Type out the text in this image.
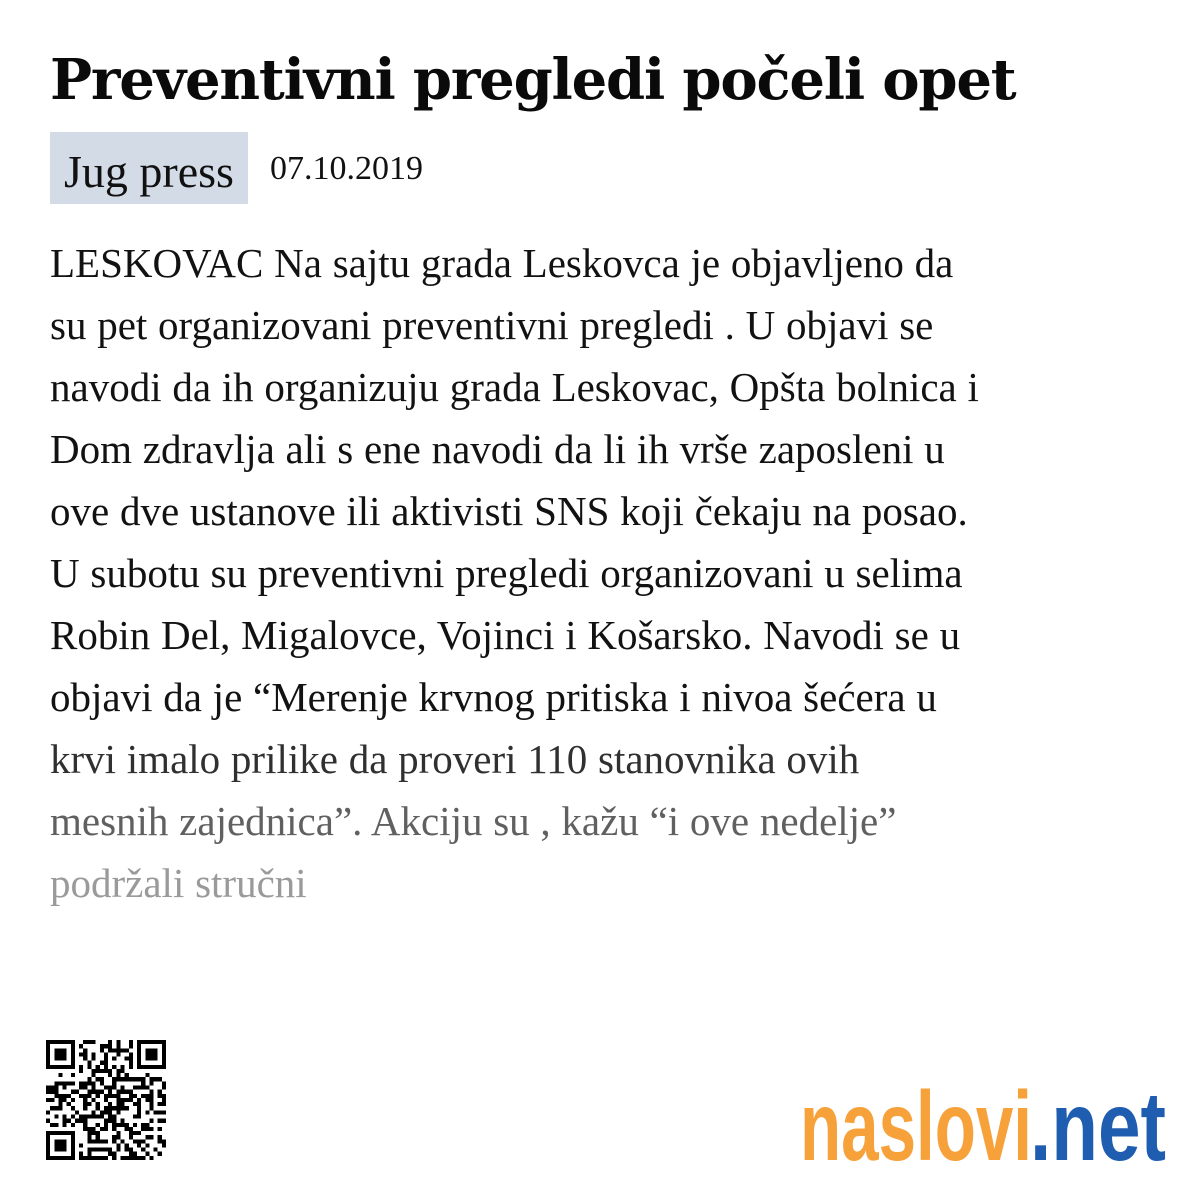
Preventivni pregledi počeli opet
Jug press	07.10.2019

LESKOVAC Na sajtu grada Leskovca je objavljeno da
su pet organizovani preventivni pregledi . U objavi se
navodi da ih organizuju grada Leskovac, Opšta bolnica i
Dom zdravlja ali s ene navodi da li ih vrše zaposleni u
ove dve ustanove ili aktivisti SNS koji čekaju na posao.
U subotu su preventivni pregledi organizovani u selima
Robin Del, Migalovce, Vojinci i Košarsko. Navodi se u
objavi da je “Merenje krvnog pritiska i nivoa šećera u
krvi imalo prilike da proveri 110 stanovnika ovih
mesnih zajednica”. Akciju su , kažu “i ove nedelje”
podržali stručni

naslovi
.net
